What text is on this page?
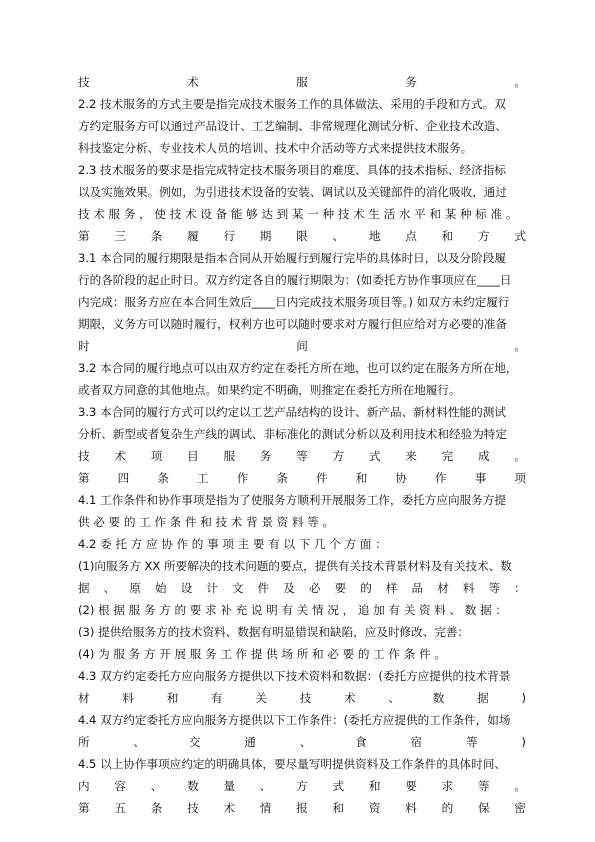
技	术	服	务	。
2.2 技术服务的方式主要是指完成技术服务工作的具体做法、采用的手段和方式。双
方约定服务方可以通过产品设计、工艺编制、非常规理化测试分析、企业技术改造、
科技鉴定分析、专业技术人员的培训、技术中介活动等方式来提供技术服务。
2.3 技术服务的要求是指完成特定技术服务项目的难度、具体的技术指标、经济指标
以及实施效果。例如，为引进技术设备的安装、调试以及关键部件的消化吸收，通过
技 术 服 务 ， 使 技 术 设 备 能 够 达 到 某 一 种 技 术 生 活 水 平 和 某 种 标 准 。
第 三 条 履 行 期 限 、 地 点 和 方 式
3.1 本合同的履行期限是指本合同从开始履行到履行完毕的具体时日，以及分阶段履
行的各阶段的起止时日。双方约定各自的履行期限为：(如委托方协作事项应在____日
内完成：服务方应在本合同生效后____日内完成技术服务项目等。) 如双方未约定履行
期限，义务方可以随时履行，权利方也可以随时要求对方履行但应给对方必要的准备
时	间	。
3.2 本合同的履行地点可以由双方约定在委托方所在地，也可以约定在服务方所在地，
或者双方同意的其他地点。如果约定不明确，则推定在委托方所在地履行。
3.3 本合同的履行方式可以约定以工艺产品结构的设计、新产品、新材料性能的测试
分析、新型或者复杂生产线的调试、非标准化的测试分析以及利用技术和经验为特定
技 术 项 目 服 务 等 方 式 来 完 成 。
第 四 条 工 作 条 件 和 协 作 事 项
4.1 工作条件和协作事项是指为了使服务方顺利开展服务工作，委托方应向服务方提
供 必 要 的 工 作 条 件 和 技 术 背 景 资 料 等 。
4.2 委 托 方 应 协 作 的 事 项 主 要 有 以 下 几 个 方 面 ：
(1)向服务方 XX 所要解决的技术问题的要点，提供有关技术背景材料及有关技术、数
据 、 原 始 设 计 文 件 及 必 要 的 样 品 材 料 等 ：
(2) 根 据 服 务 方 的 要 求 补 充 说 明 有 关 情 况 ， 追 加 有 关 资 料 、 数 据 ：
(3) 提供给服务方的技术资料、数据有明显错误和缺陷，应及时修改、完善：
(4) 为 服 务 方 开 展 服 务 工 作 提 供 场 所 和 必 要 的 工 作 条 件 。
4.3 双方约定委托方应向服务方提供以下技术资料和数据：(委托方应提供的技术背景
材	料	和	有	关	技	术	、	数	据	)
4.4 双方约定委托方应向服务方提供以下工作条件：(委托方应提供的工作条件，如场
所	、	交	通	、	食	宿	等	)
4.5 以上协作事项应约定的明确具体，要尽量写明提供资料及工作条件的具体时间、
内 容 、 数 量 、 方 式 和 要 求 等 。
第 五 条 技 术 情 报 和 资 料 的 保 密
